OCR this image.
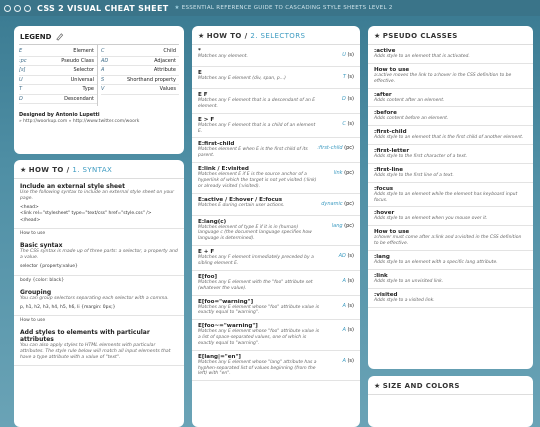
CSS 2 VISUAL CHEAT SHEET ★ ESSENTIAL REFERENCE GUIDE TO CASCADING STYLE SHEETS LEVEL 2
LEGEND
E	Element
:pc	Pseudo Class
[s]	Selector
U	Universal
T	Type
D	Descendant
C	Child
AD	Adjacent
A	Attribute
S	Shorthand property
V	Values
Designed by Antonio Lupetti
» http://woorkup.com » http://www.twitter.com/woork
★ HOW TO / 1. SYNTAX
Include an external style sheet
Use the following syntax to include an external style sheet on your page.
<head>
<link rel="stylesheet" type="text/css" href="style.css" />
</head>
How to use
Basic syntax
The CSS syntax is made up of three parts: a selector, a property and a value.
selector {property:value}
body {color: black}
Grouping
You can group selectors separating each selector with a comma.
p, h1, h2, h3, h4, h5, h6, li {margin: 0px;}
How to use
Add styles to elements with particular attributes
You can also apply styles to HTML elements with particular attributes. The style rule below will match all input elements that have a type attribute with a value of "text".
★ HOW TO / 2. SELECTORS
*
Matches any element.	U (s)
E
Matches any E element (div, span, p...)	T (s)
E F
Matches any F element that is a descendant of an E element.
D (s)
E > F
Matches any F element that is a child of an element E.
C (s)
E:first-child
Matches element E when E is the first child of its parent.
:first-child (pc)
E:link / E:visited
Matches element E if E is the source anchor of a hyperlink of which the target is not yet visited (:link) or already visited (:visited).
link (pc)
E:active / E:hover / E:focus
Matches E during certain user actions.	dynamic (pc)
E:lang(c)
Matches element of type E if it is in (human) language c (the document language specifies how language is determined).
lang (pc)
E + F
Matches any F element immediately preceded by a sibling element E.
AD (s)
E[foo]
Matches any E element with the "foo" attribute set (whatever the value).
A (s)
E[foo="warning"]
Matches any E element whose "foo" attribute value is exactly equal to "warning".
A (s)
E[foo~="warning"]
Matches any E element whose "foo" attribute value is a list of space-separated values, one of which is exactly equal to "warning".
A (s)
E[lang|="en"]
Matches any E element whose "lang" attribute has a hyphen-separated list of values beginning (from the left) with "en".
A (s)
★ PSEUDO CLASSES
:active
Adds style to an element that is activated.
How to use
a:active moves the link to a:hover in the CSS definition to be effective.
:after
Adds content after an element.
:before
Adds content before an element.
:first-child
Adds style to an element that is the first child of another element.
:first-letter
Adds style to the first character of a text.
:first-line
Adds style to the first line of a text.
:focus
Adds style to an element while the element has keyboard input focus.
:hover
Adds style to an element when you mouse over it.
How to use
a:hover must come after a:link and a:visited in the CSS definition to be effective.
:lang
Adds style to an element with a specific lang attribute.
:link
Adds style to an unvisited link.
:visited
Adds style to a visited link.
★ SIZE AND COLORS
